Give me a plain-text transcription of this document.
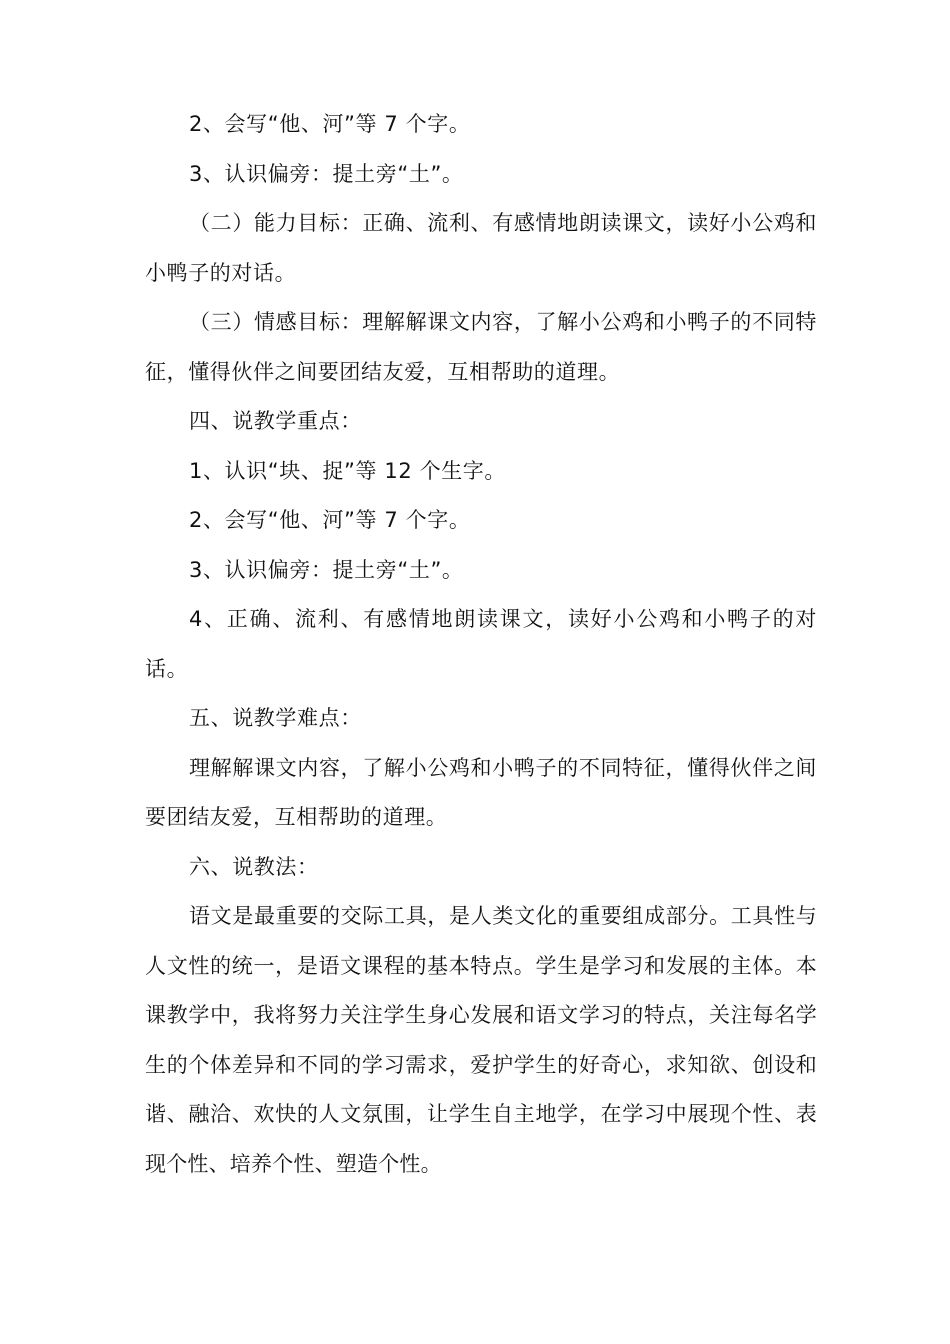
2、会写“他、河”等 7 个字。

3、认识偏旁：提土旁“土”。

（二）能力目标：正确、流利、有感情地朗读课文，读好小公鸡和小鸭子的对话。

（三）情感目标：理解解课文内容，了解小公鸡和小鸭子的不同特征，懂得伙伴之间要团结友爱，互相帮助的道理。

四、说教学重点：

1、认识“块、捉”等 12 个生字。

2、会写“他、河”等 7 个字。

3、认识偏旁：提土旁“土”。

4、正确、流利、有感情地朗读课文，读好小公鸡和小鸭子的对话。

五、说教学难点：

理解解课文内容，了解小公鸡和小鸭子的不同特征，懂得伙伴之间要团结友爱，互相帮助的道理。

六、说教法：

语文是最重要的交际工具，是人类文化的重要组成部分。工具性与人文性的统一，是语文课程的基本特点。学生是学习和发展的主体。本课教学中，我将努力关注学生身心发展和语文学习的特点，关注每名学生的个体差异和不同的学习需求，爱护学生的好奇心，求知欲、创设和谐、融洽、欢快的人文氛围，让学生自主地学，在学习中展现个性、表现个性、培养个性、塑造个性。
